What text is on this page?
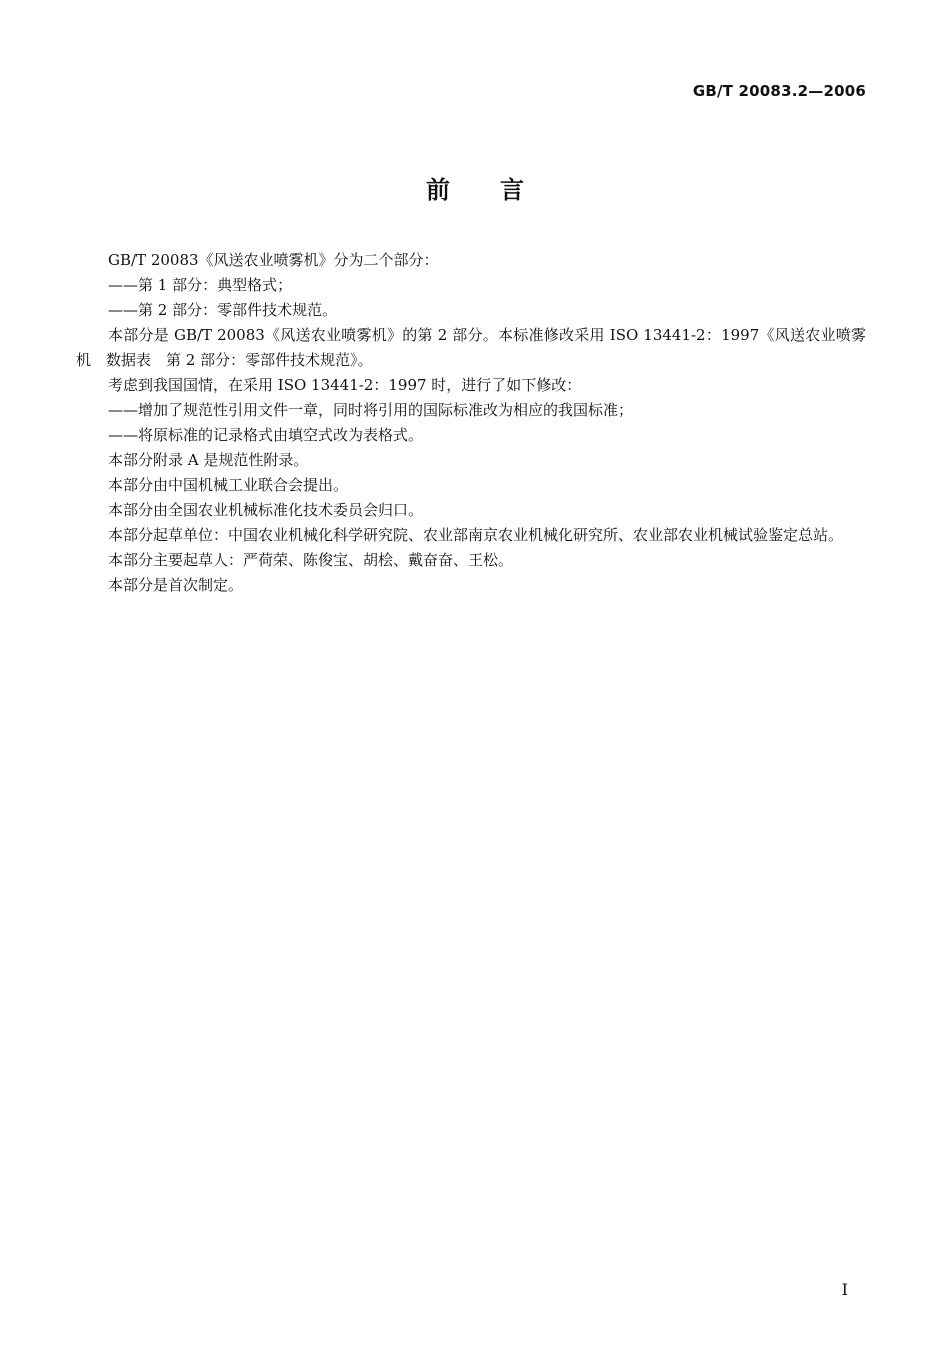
GB/T 20083.2—2006
前言

GB/T 20083《风送农业喷雾机》分为二个部分：

——第 1 部分：典型格式；

——第 2 部分：零部件技术规范。

本部分是 GB/T 20083《风送农业喷雾机》的第 2 部分。本标准修改采用 ISO 13441-2：1997《风送农业喷雾机　数据表　第 2 部分：零部件技术规范》。

考虑到我国国情，在采用 ISO 13441-2：1997 时，进行了如下修改：

——增加了规范性引用文件一章，同时将引用的国际标准改为相应的我国标准；

——将原标准的记录格式由填空式改为表格式。

本部分附录 A 是规范性附录。

本部分由中国机械工业联合会提出。

本部分由全国农业机械标准化技术委员会归口。

本部分起草单位：中国农业机械化科学研究院、农业部南京农业机械化研究所、农业部农业机械试验鉴定总站。

本部分主要起草人：严荷荣、陈俊宝、胡桧、戴奋奋、王松。

本部分是首次制定。

I
